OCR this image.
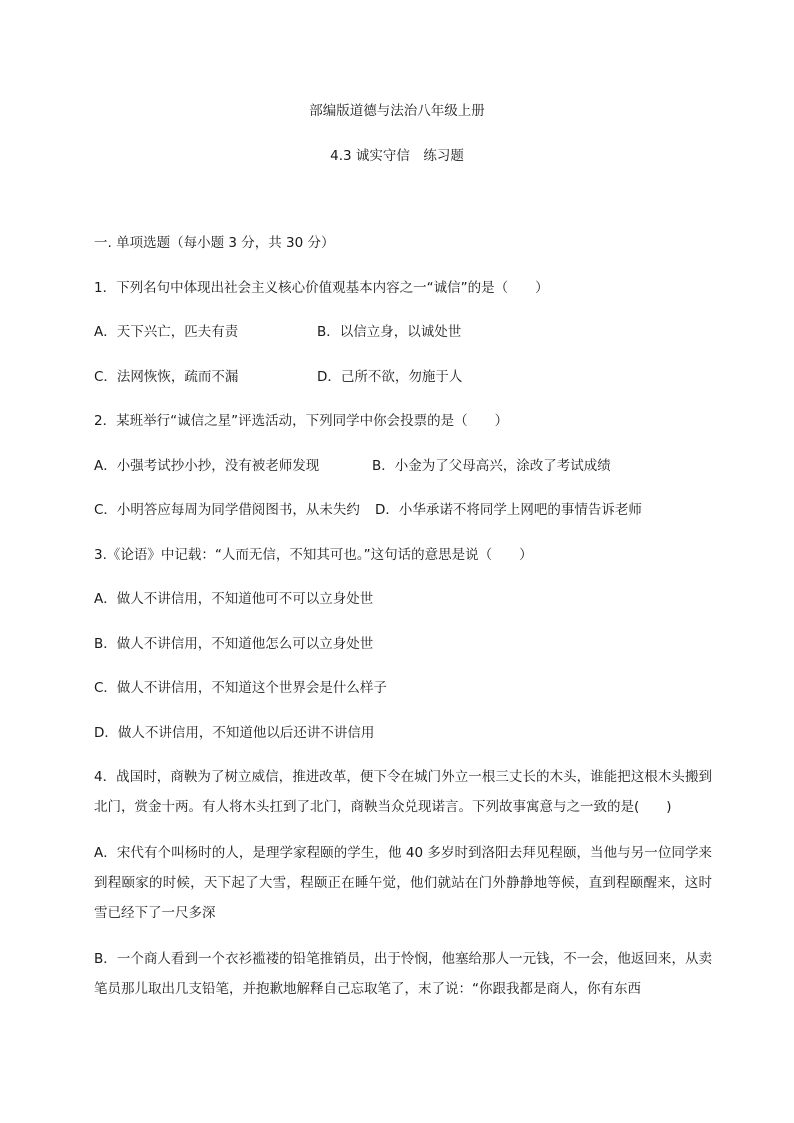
部编版道德与法治八年级上册
4.3 诚实守信　练习题
一. 单项选题（每小题 3 分，共 30 分）
1．下列名句中体现出社会主义核心价值观基本内容之一“诚信”的是（　　）
A．天下兴亡，匹夫有责	B．以信立身，以诚处世
C．法网恢恢，疏而不漏	D．己所不欲，勿施于人
2．某班举行“诚信之星”评选活动，下列同学中你会投票的是（　　）
A．小强考试抄小抄，没有被老师发现	B．小金为了父母高兴，涂改了考试成绩
C．小明答应每周为同学借阅图书，从未失约 D．小华承诺不将同学上网吧的事情告诉老师
3.《论语》中记载：“人而无信，不知其可也。”这句话的意思是说（　　）
A．做人不讲信用，不知道他可不可以立身处世
B．做人不讲信用，不知道他怎么可以立身处世
C．做人不讲信用，不知道这个世界会是什么样子
D．做人不讲信用，不知道他以后还讲不讲信用
4．战国时，商鞅为了树立威信，推进改革，便下令在城门外立一根三丈长的木头，谁能把这根木头搬到北门，赏金十两。有人将木头扛到了北门，商鞅当众兑现诺言。下列故事寓意与之一致的是(　　)
A．宋代有个叫杨时的人，是理学家程颐的学生，他 40 多岁时到洛阳去拜见程颐，当他与另一位同学来到程颐家的时候，天下起了大雪，程颐正在睡午觉，他们就站在门外静静地等候，直到程颐醒来，这时雪已经下了一尺多深
B．一个商人看到一个衣衫褴褛的铅笔推销员，出于怜悯，他塞给那人一元钱，不一会，他返回来，从卖笔员那儿取出几支铅笔，并抱歉地解释自己忘取笔了，末了说：“你跟我都是商人，你有东西
